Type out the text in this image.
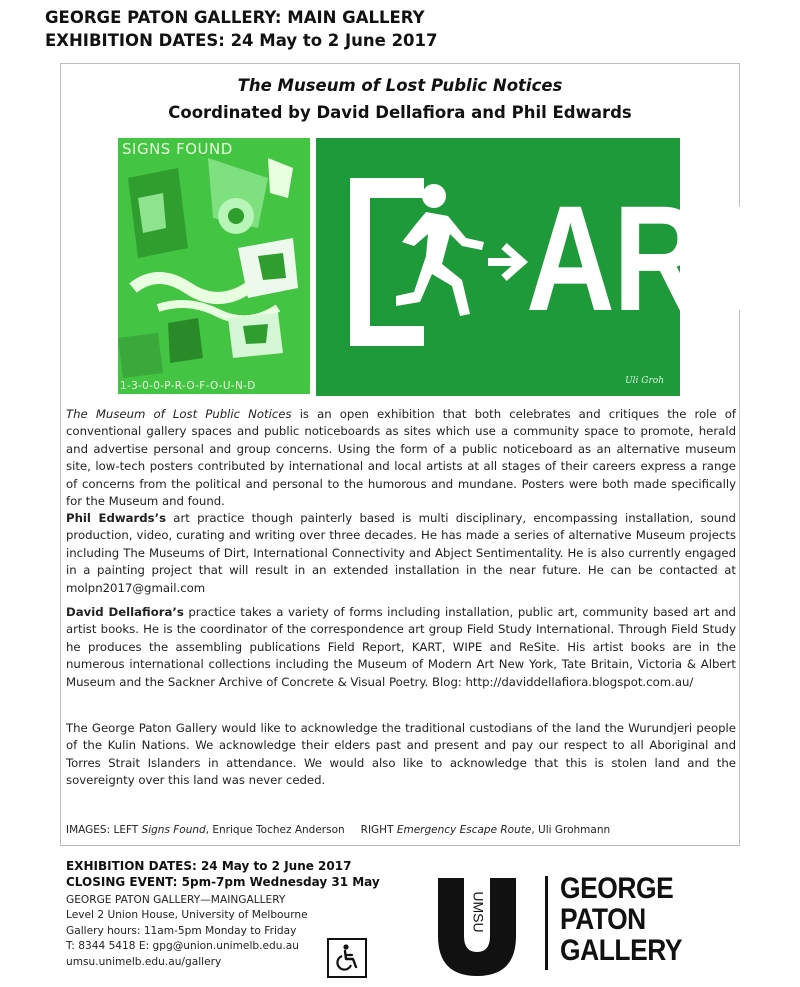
GEORGE PATON GALLERY: MAIN GALLERY
EXHIBITION DATES: 24 May to 2 June 2017
The Museum of Lost Public Notices
Coordinated by David Dellafiora and Phil Edwards
SIGNS FOUND
1-3-0-0-P-R-O-F-O-U-N-D
ART
Uli Groh
The Museum of Lost Public Notices is an open exhibition that both celebrates and critiques the role of conventional gallery spaces and public noticeboards as sites which use a community space to promote, herald and advertise personal and group concerns. Using the form of a public noticeboard as an alternative museum site, low-tech posters contributed by international and local artists at all stages of their careers express a range of concerns from the political and personal to the humorous and mundane. Posters were both made specifically for the Museum and found.
Phil Edwards’s art practice though painterly based is multi disciplinary, encompassing installation, sound production, video, curating and writing over three decades. He has made a series of alternative Museum projects including The Museums of Dirt, International Connectivity and Abject Sentimentality. He is also currently engaged in a painting project that will result in an extended installation in the near future. He can be contacted at molpn2017@gmail.com
David Dellafiora’s practice takes a variety of forms including installation, public art, community based art and artist books. He is the coordinator of the correspondence art group Field Study International. Through Field Study he produces the assembling publications Field Report, KART, WIPE and ReSite. His artist books are in the numerous international collections including the Museum of Modern Art New York, Tate Britain, Victoria & Albert Museum and the Sackner Archive of Concrete & Visual Poetry. Blog: http://daviddellafiora.blogspot.com.au/
The George Paton Gallery would like to acknowledge the traditional custodians of the land the Wurundjeri people of the Kulin Nations. We acknowledge their elders past and present and pay our respect to all Aboriginal and Torres Strait Islanders in attendance. We would also like to acknowledge that this is stolen land and the sovereignty over this land was never ceded.
IMAGES: LEFT Signs Found, Enrique Tochez Anderson RIGHT Emergency Escape Route, Uli Grohmann
EXHIBITION DATES: 24 May to 2 June 2017
CLOSING EVENT: 5pm-7pm Wednesday 31 May
GEORGE PATON GALLERY—MAINGALLERY
Level 2 Union House, University of Melbourne
Gallery hours: 11am-5pm Monday to Friday
T: 8344 5418 E: gpg@union.unimelb.edu.au
umsu.unimelb.edu.au/gallery
UMSU
GEORGE
PATON
GALLERY
